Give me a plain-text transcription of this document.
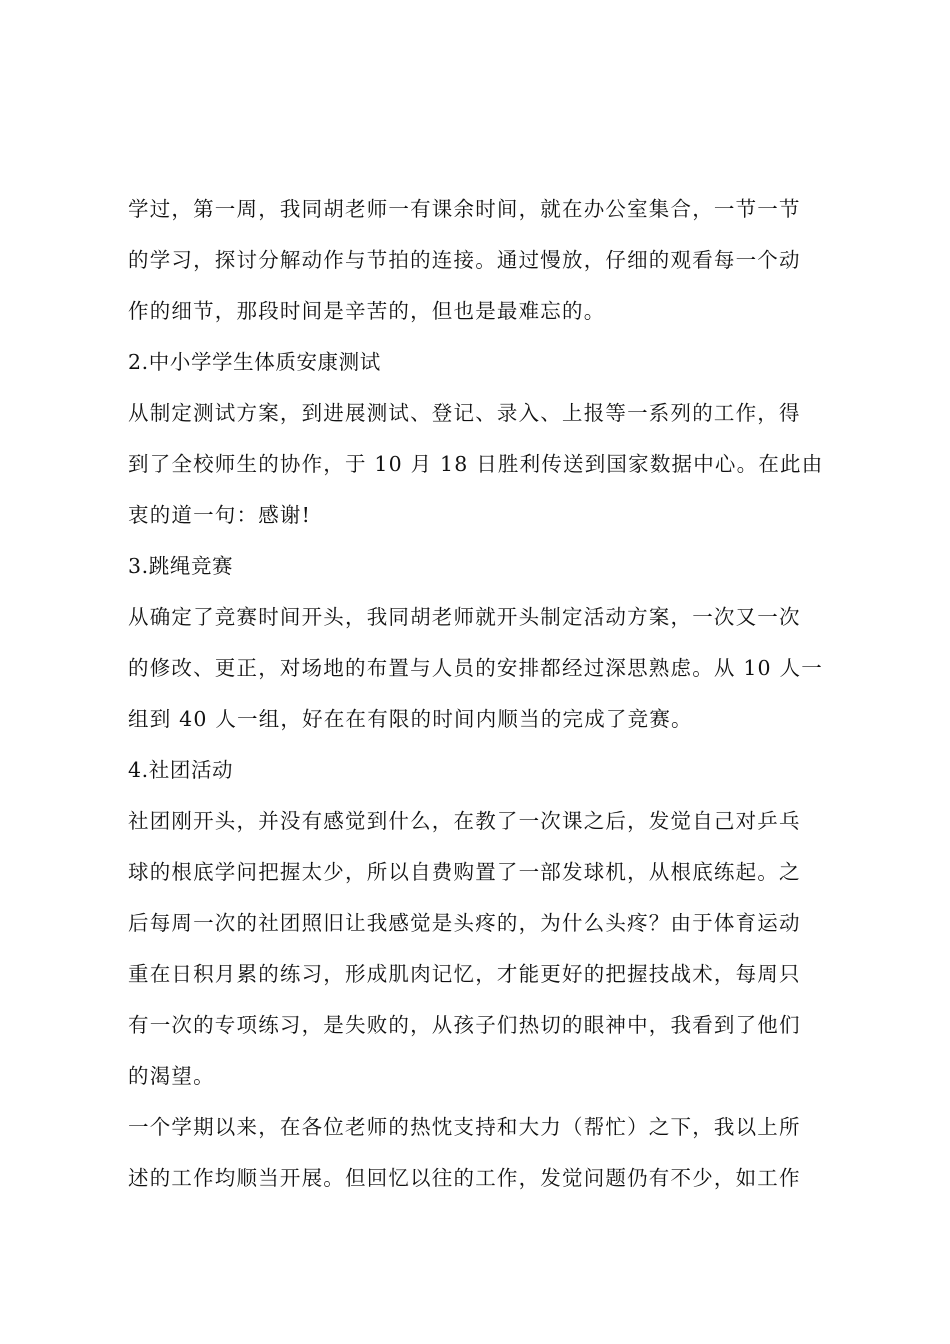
学过，第一周，我同胡老师一有课余时间，就在办公室集合，一节一节
的学习，探讨分解动作与节拍的连接。通过慢放，仔细的观看每一个动
作的细节，那段时间是辛苦的，但也是最难忘的。
2.中小学学生体质安康测试
从制定测试方案，到进展测试、登记、录入、上报等一系列的工作，得
到了全校师生的协作，于 10 月 18 日胜利传送到国家数据中心。在此由
衷的道一句：感谢!
3.跳绳竞赛
从确定了竞赛时间开头，我同胡老师就开头制定活动方案，一次又一次
的修改、更正，对场地的布置与人员的安排都经过深思熟虑。从 10 人一
组到 40 人一组，好在在有限的时间内顺当的完成了竞赛。
4.社团活动
社团刚开头，并没有感觉到什么，在教了一次课之后，发觉自己对乒乓
球的根底学问把握太少，所以自费购置了一部发球机，从根底练起。之
后每周一次的社团照旧让我感觉是头疼的，为什么头疼？由于体育运动
重在日积月累的练习，形成肌肉记忆，才能更好的把握技战术，每周只
有一次的专项练习，是失败的，从孩子们热切的眼神中，我看到了他们
的渴望。
一个学期以来，在各位老师的热忱支持和大力（帮忙）之下，我以上所
述的工作均顺当开展。但回忆以往的工作，发觉问题仍有不少，如工作
